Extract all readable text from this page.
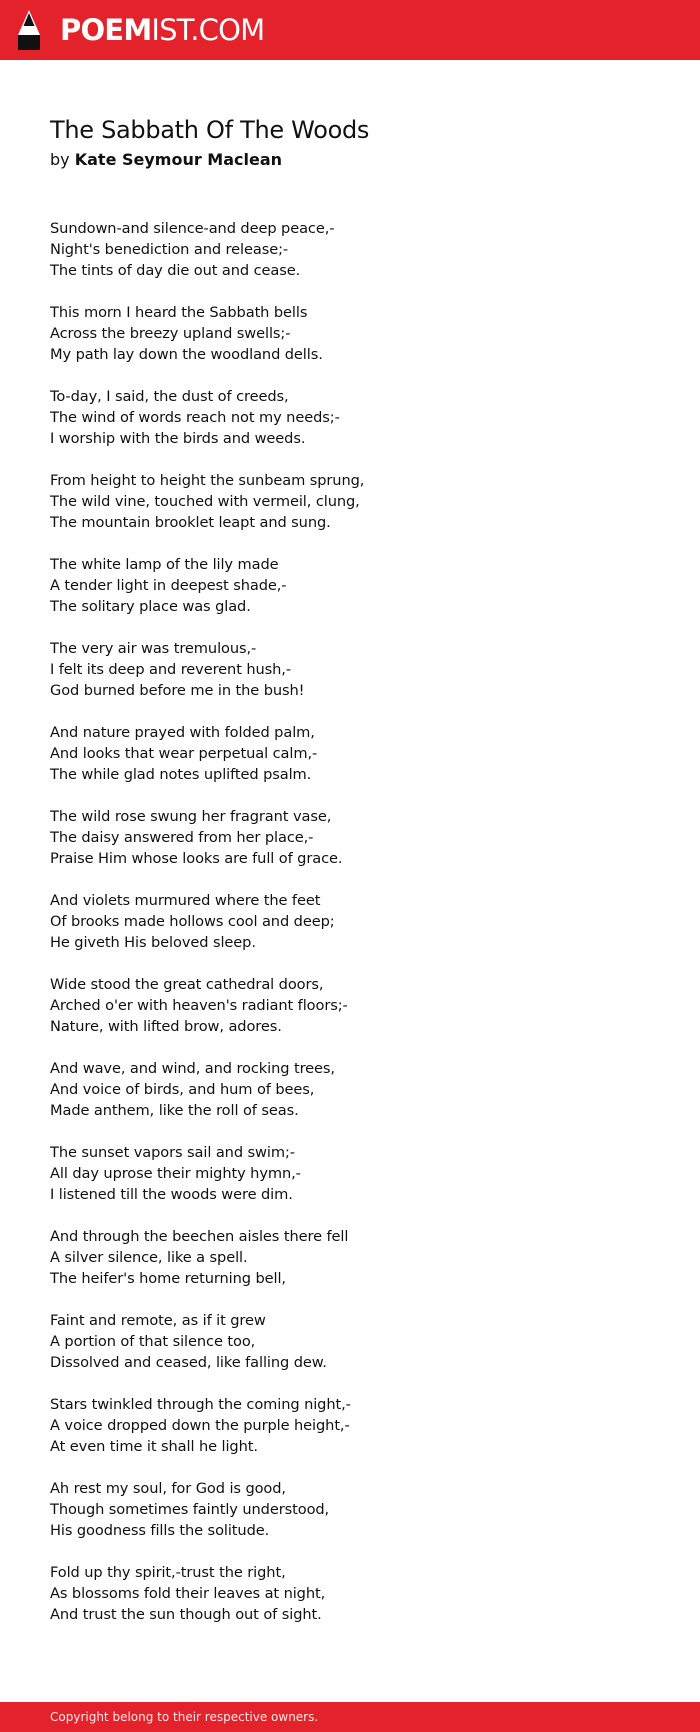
POEMIST.COM
The Sabbath Of The Woods
by Kate Seymour Maclean
Sundown-and silence-and deep peace,-
Night's benediction and release;-
The tints of day die out and cease.
This morn I heard the Sabbath bells
Across the breezy upland swells;-
My path lay down the woodland dells.
To-day, I said, the dust of creeds,
The wind of words reach not my needs;-
I worship with the birds and weeds.
From height to height the sunbeam sprung,
The wild vine, touched with vermeil, clung,
The mountain brooklet leapt and sung.
The white lamp of the lily made
A tender light in deepest shade,-
The solitary place was glad.
The very air was tremulous,-
I felt its deep and reverent hush,-
God burned before me in the bush!
And nature prayed with folded palm,
And looks that wear perpetual calm,-
The while glad notes uplifted psalm.
The wild rose swung her fragrant vase,
The daisy answered from her place,-
Praise Him whose looks are full of grace.
And violets murmured where the feet
Of brooks made hollows cool and deep;
He giveth His beloved sleep.
Wide stood the great cathedral doors,
Arched o'er with heaven's radiant floors;-
Nature, with lifted brow, adores.
And wave, and wind, and rocking trees,
And voice of birds, and hum of bees,
Made anthem, like the roll of seas.
The sunset vapors sail and swim;-
All day uprose their mighty hymn,-
I listened till the woods were dim.
And through the beechen aisles there fell
A silver silence, like a spell.
The heifer's home returning bell,
Faint and remote, as if it grew
A portion of that silence too,
Dissolved and ceased, like falling dew.
Stars twinkled through the coming night,-
A voice dropped down the purple height,-
At even time it shall he light.
Ah rest my soul, for God is good,
Though sometimes faintly understood,
His goodness fills the solitude.
Fold up thy spirit,-trust the right,
As blossoms fold their leaves at night,
And trust the sun though out of sight.
Copyright belong to their respective owners.
